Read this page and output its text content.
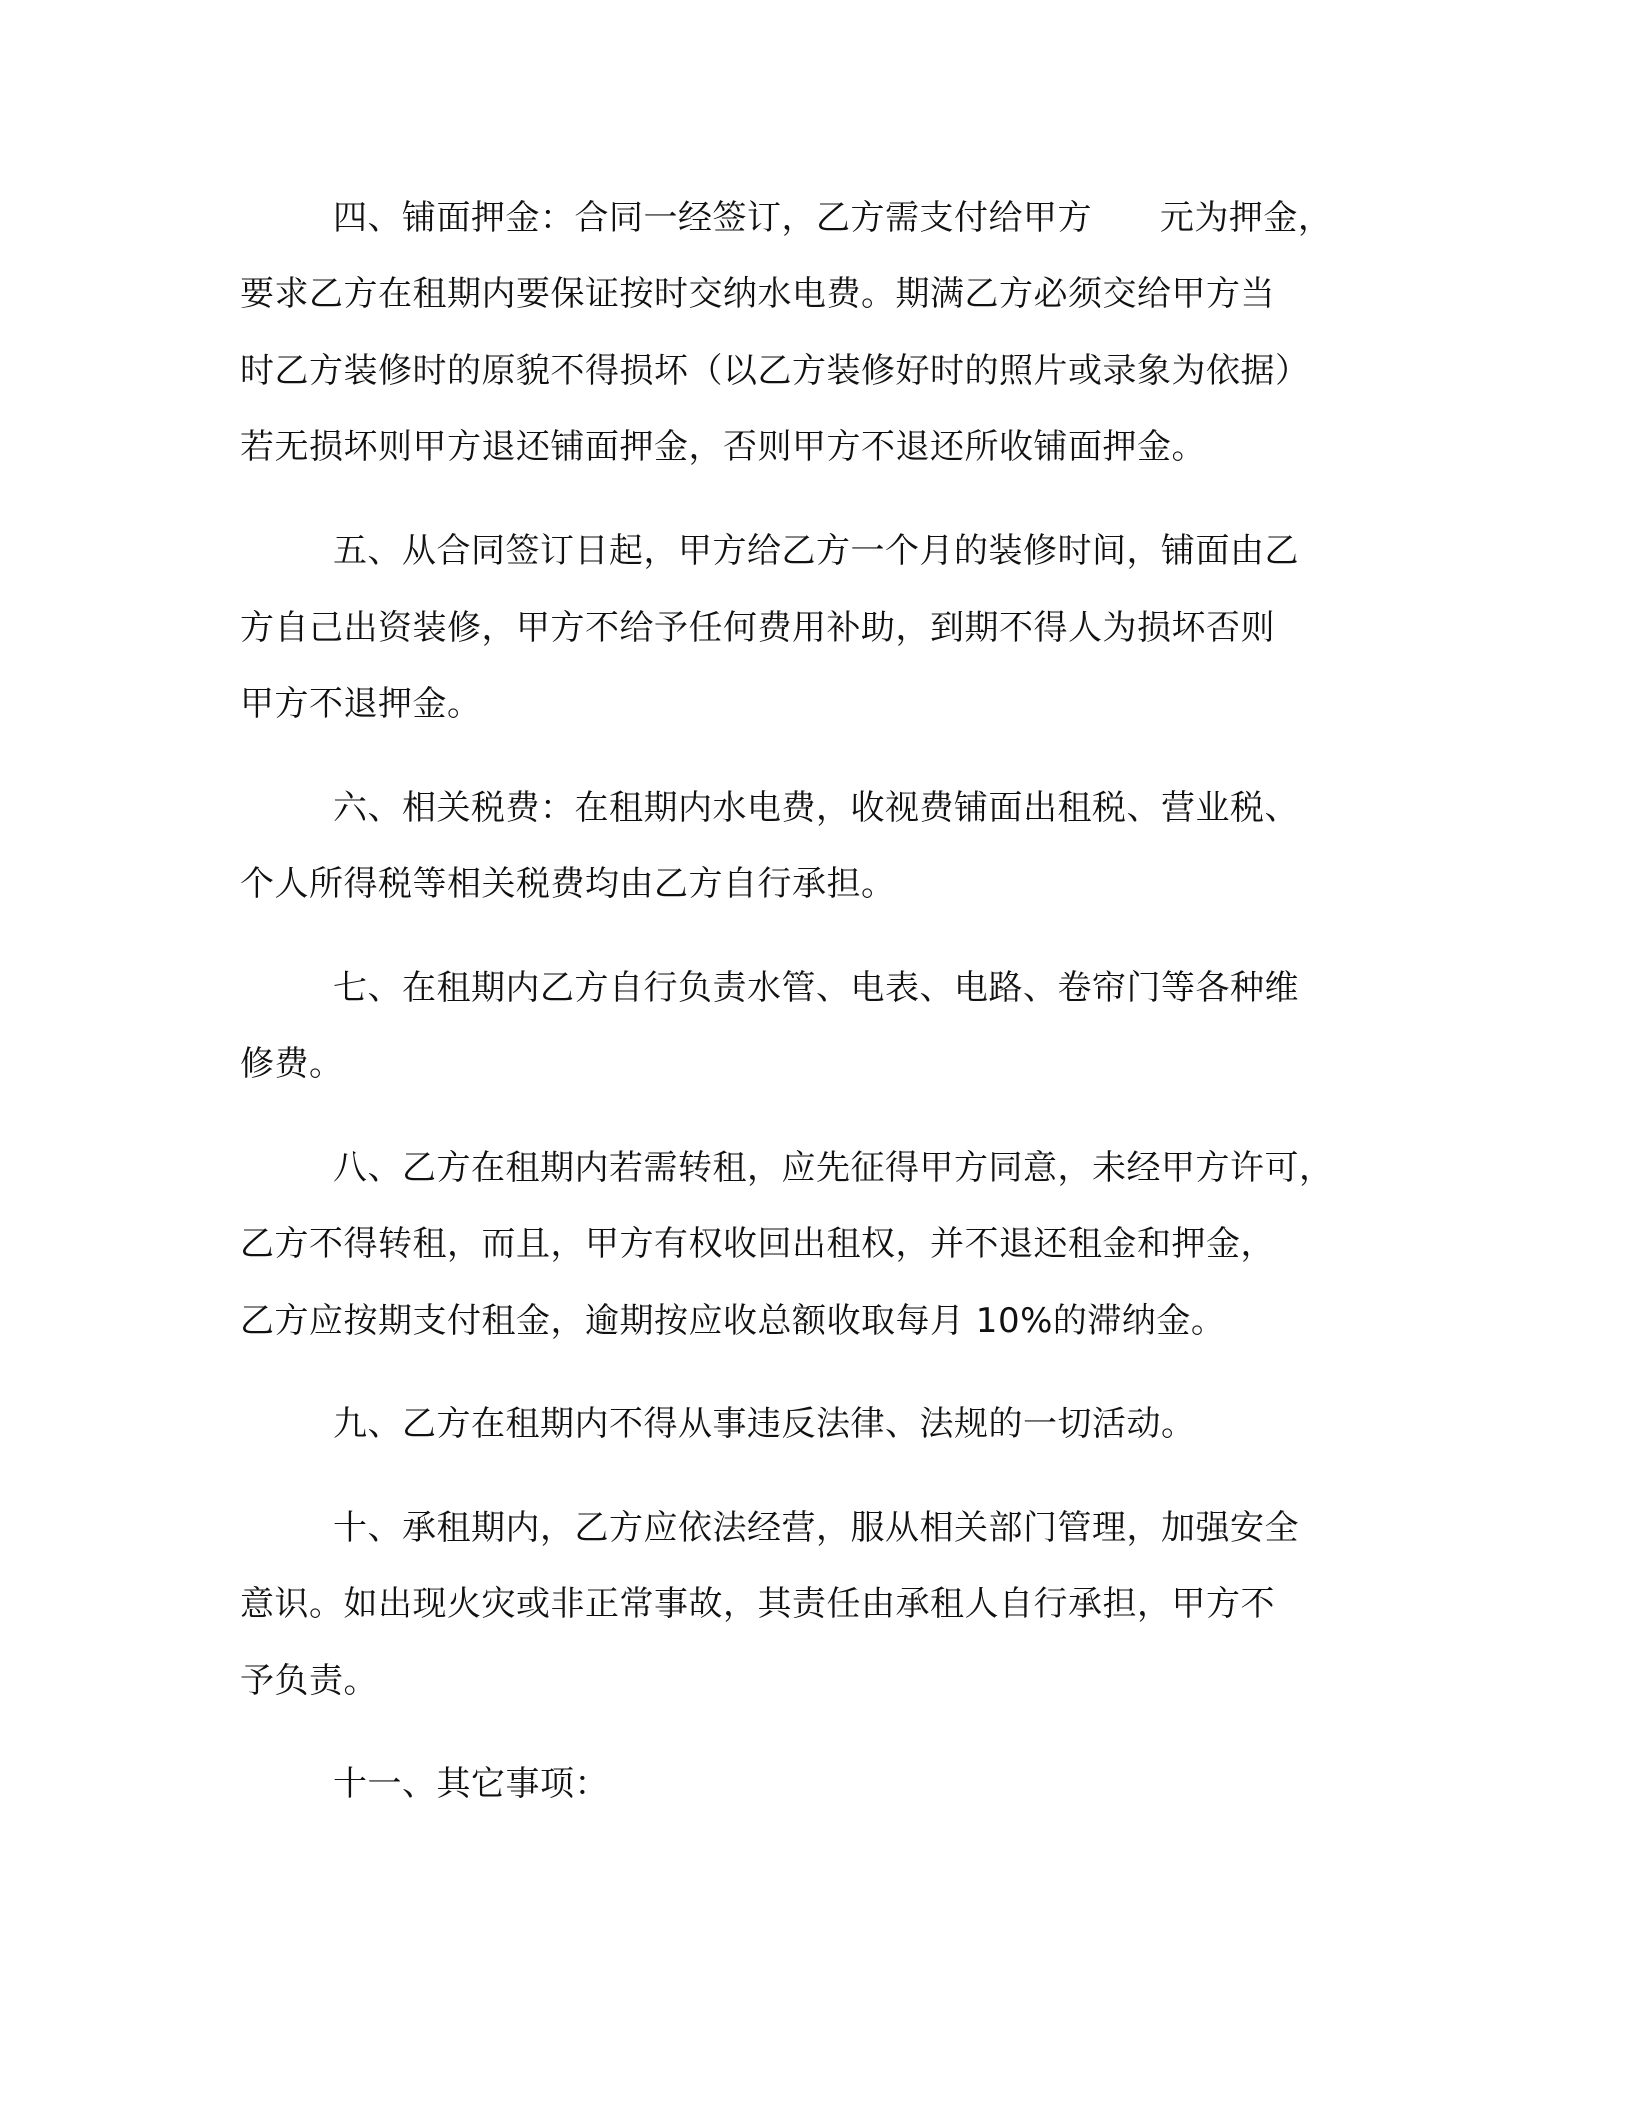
四、铺面押金：合同一经签订，乙方需支付给甲方      元为押金，
要求乙方在租期内要保证按时交纳水电费。期满乙方必须交给甲方当
时乙方装修时的原貌不得损坏（以乙方装修好时的照片或录象为依据）
若无损坏则甲方退还铺面押金，否则甲方不退还所收铺面押金。
五、从合同签订日起，甲方给乙方一个月的装修时间，铺面由乙
方自己出资装修，甲方不给予任何费用补助，到期不得人为损坏否则
甲方不退押金。
六、相关税费：在租期内水电费，收视费铺面出租税、营业税、
个人所得税等相关税费均由乙方自行承担。
七、在租期内乙方自行负责水管、电表、电路、卷帘门等各种维
修费。
八、乙方在租期内若需转租，应先征得甲方同意，未经甲方许可，
乙方不得转租，而且，甲方有权收回出租权，并不退还租金和押金，
乙方应按期支付租金，逾期按应收总额收取每月 10%的滞纳金。
九、乙方在租期内不得从事违反法律、法规的一切活动。
十、承租期内，乙方应依法经营，服从相关部门管理，加强安全
意识。如出现火灾或非正常事故，其责任由承租人自行承担，甲方不
予负责。
十一、其它事项：
